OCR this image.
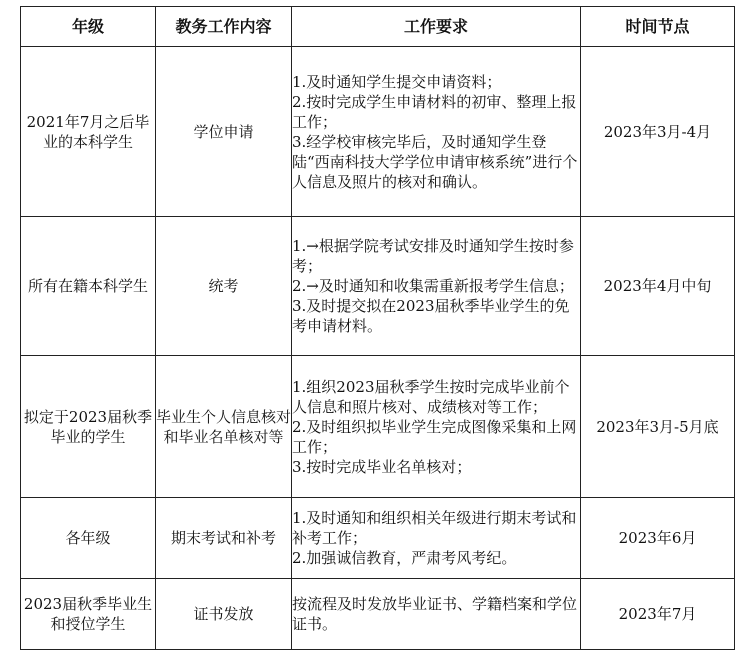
年级	教务工作内容	工作要求	时间节点
2021年7月之后毕业的本科学生	学位申请	1.及时通知学生提交申请资料；
2.按时完成学生申请材料的初审、整理上报工作；
3.经学校审核完毕后，及时通知学生登陆“西南科技大学学位申请审核系统”进行个人信息及照片的核对和确认。	2023年3月-4月
所有在籍本科学生	统考	1.→根据学院考试安排及时通知学生按时参考；
2.→及时通知和收集需重新报考学生信息；
3.及时提交拟在2023届秋季毕业学生的免考申请材料。	2023年4月中旬
拟定于2023届秋季毕业的学生	毕业生个人信息核对和毕业名单核对等	1.组织2023届秋季学生按时完成毕业前个人信息和照片核对、成绩核对等工作；
2.及时组织拟毕业学生完成图像采集和上网工作；
3.按时完成毕业名单核对；	2023年3月-5月底
各年级	期末考试和补考	1.及时通知和组织相关年级进行期末考试和补考工作；
2.加强诚信教育，严肃考风考纪。	2023年6月
2023届秋季毕业生和授位学生	证书发放	按流程及时发放毕业证书、学籍档案和学位证书。	2023年7月
